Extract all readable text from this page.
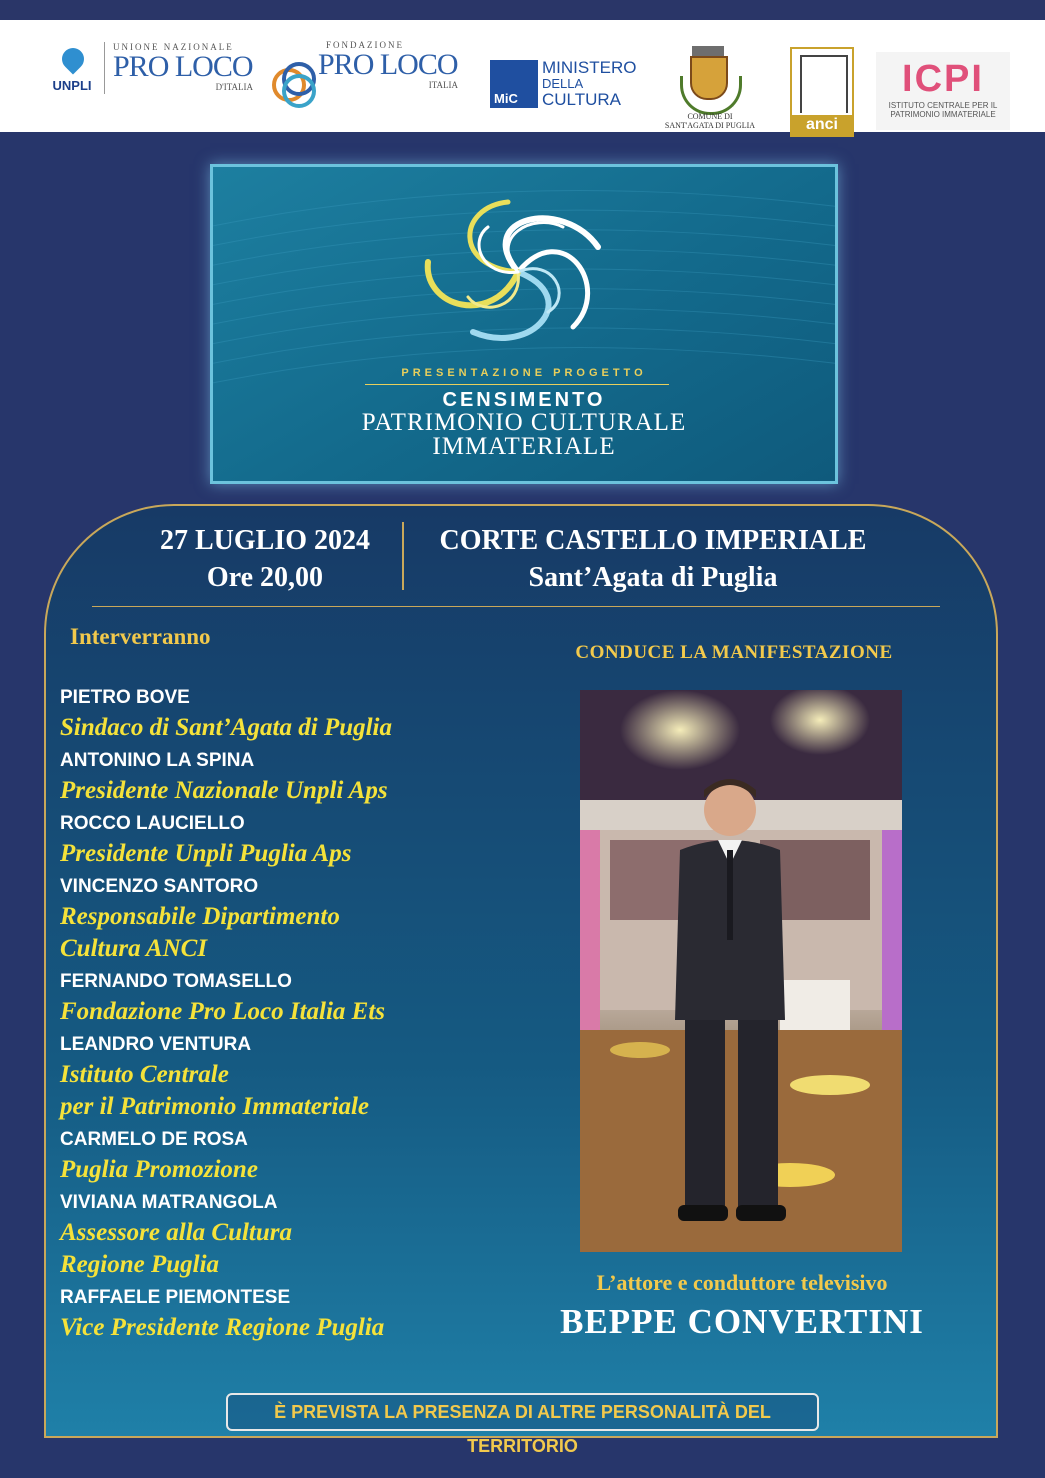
UNPLI
UNIONE NAZIONALE
PRO LOCO
D'ITALIA
FONDAZIONE
PRO LOCO
ITALIA
MiC
MINISTERO
DELLA
CULTURA
COMUNE DI
SANT'AGATA DI PUGLIA	anci
ICPI
ISTITUTO CENTRALE PER IL
PATRIMONIO IMMATERIALE
PRESENTAZIONE PROGETTO
CENSIMENTO
PATRIMONIO CULTURALE
IMMATERIALE
27 LUGLIO 2024
Ore 20,00
CORTE CASTELLO IMPERIALE
Sant’Agata di Puglia
Interverranno
PIETRO BOVE
Sindaco di Sant’Agata di Puglia
ANTONINO LA SPINA
Presidente Nazionale Unpli Aps
ROCCO LAUCIELLO
Presidente Unpli Puglia Aps
VINCENZO SANTORO
Responsabile Dipartimento
Cultura ANCI
FERNANDO TOMASELLO
Fondazione Pro Loco Italia Ets
LEANDRO VENTURA
Istituto Centrale
per il Patrimonio Immateriale
CARMELO DE ROSA
Puglia Promozione
VIVIANA MATRANGOLA
Assessore alla Cultura
Regione Puglia
RAFFAELE PIEMONTESE
Vice Presidente Regione Puglia
CONDUCE LA MANIFESTAZIONE
L’attore e conduttore televisivo
BEPPE CONVERTINI
È PREVISTA LA PRESENZA DI ALTRE PERSONALITÀ DEL TERRITORIO
